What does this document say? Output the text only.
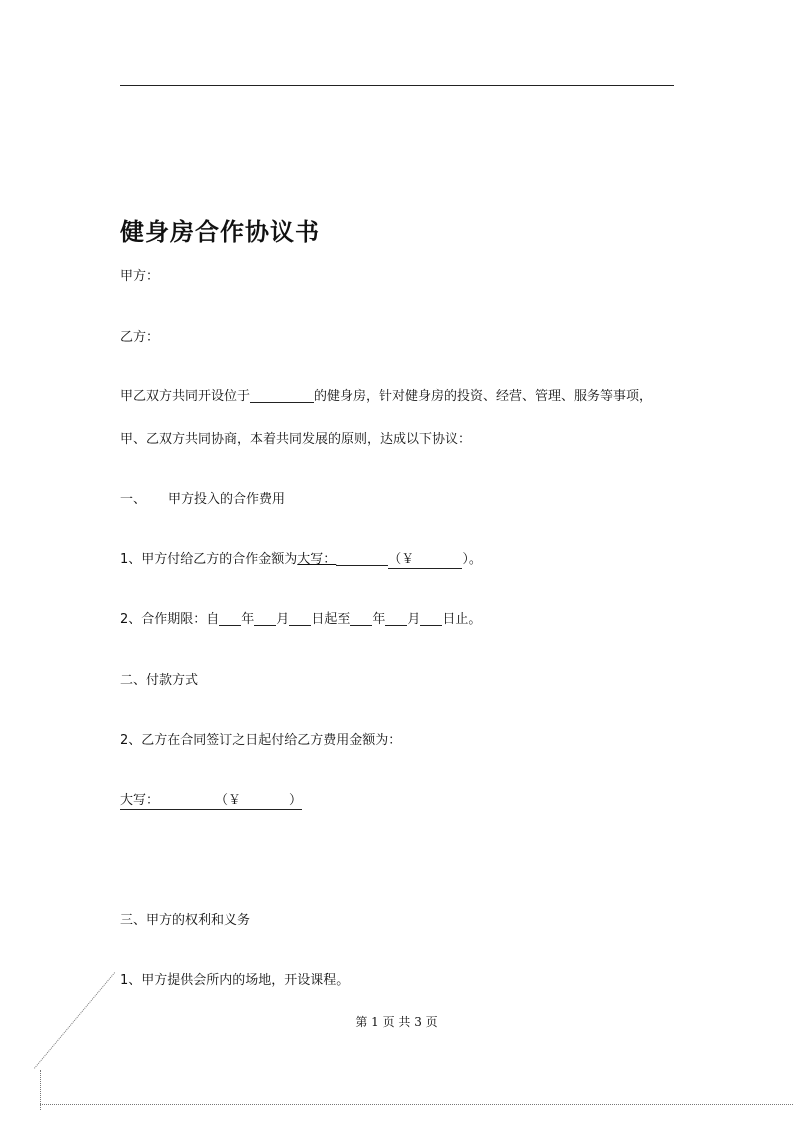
健身房合作协议书
甲方：
乙方：
甲乙双方共同开设位于	的健身房，针对健身房的投资、经营、管理、服务等事项，
甲、乙双方共同协商，本着共同发展的原则，达成以下协议：
一、 甲方投入的合作费用
1、甲方付给乙方的合作金额为大写：	（￥	）。
2、合作期限：自 年 月 日起至 年 月 日止。
二、付款方式
2、乙方在合同签订之日起付给乙方费用金额为：
大写：	（￥	）
三、甲方的权利和义务
1、甲方提供会所内的场地，开设课程。
第 1 页 共 3 页
